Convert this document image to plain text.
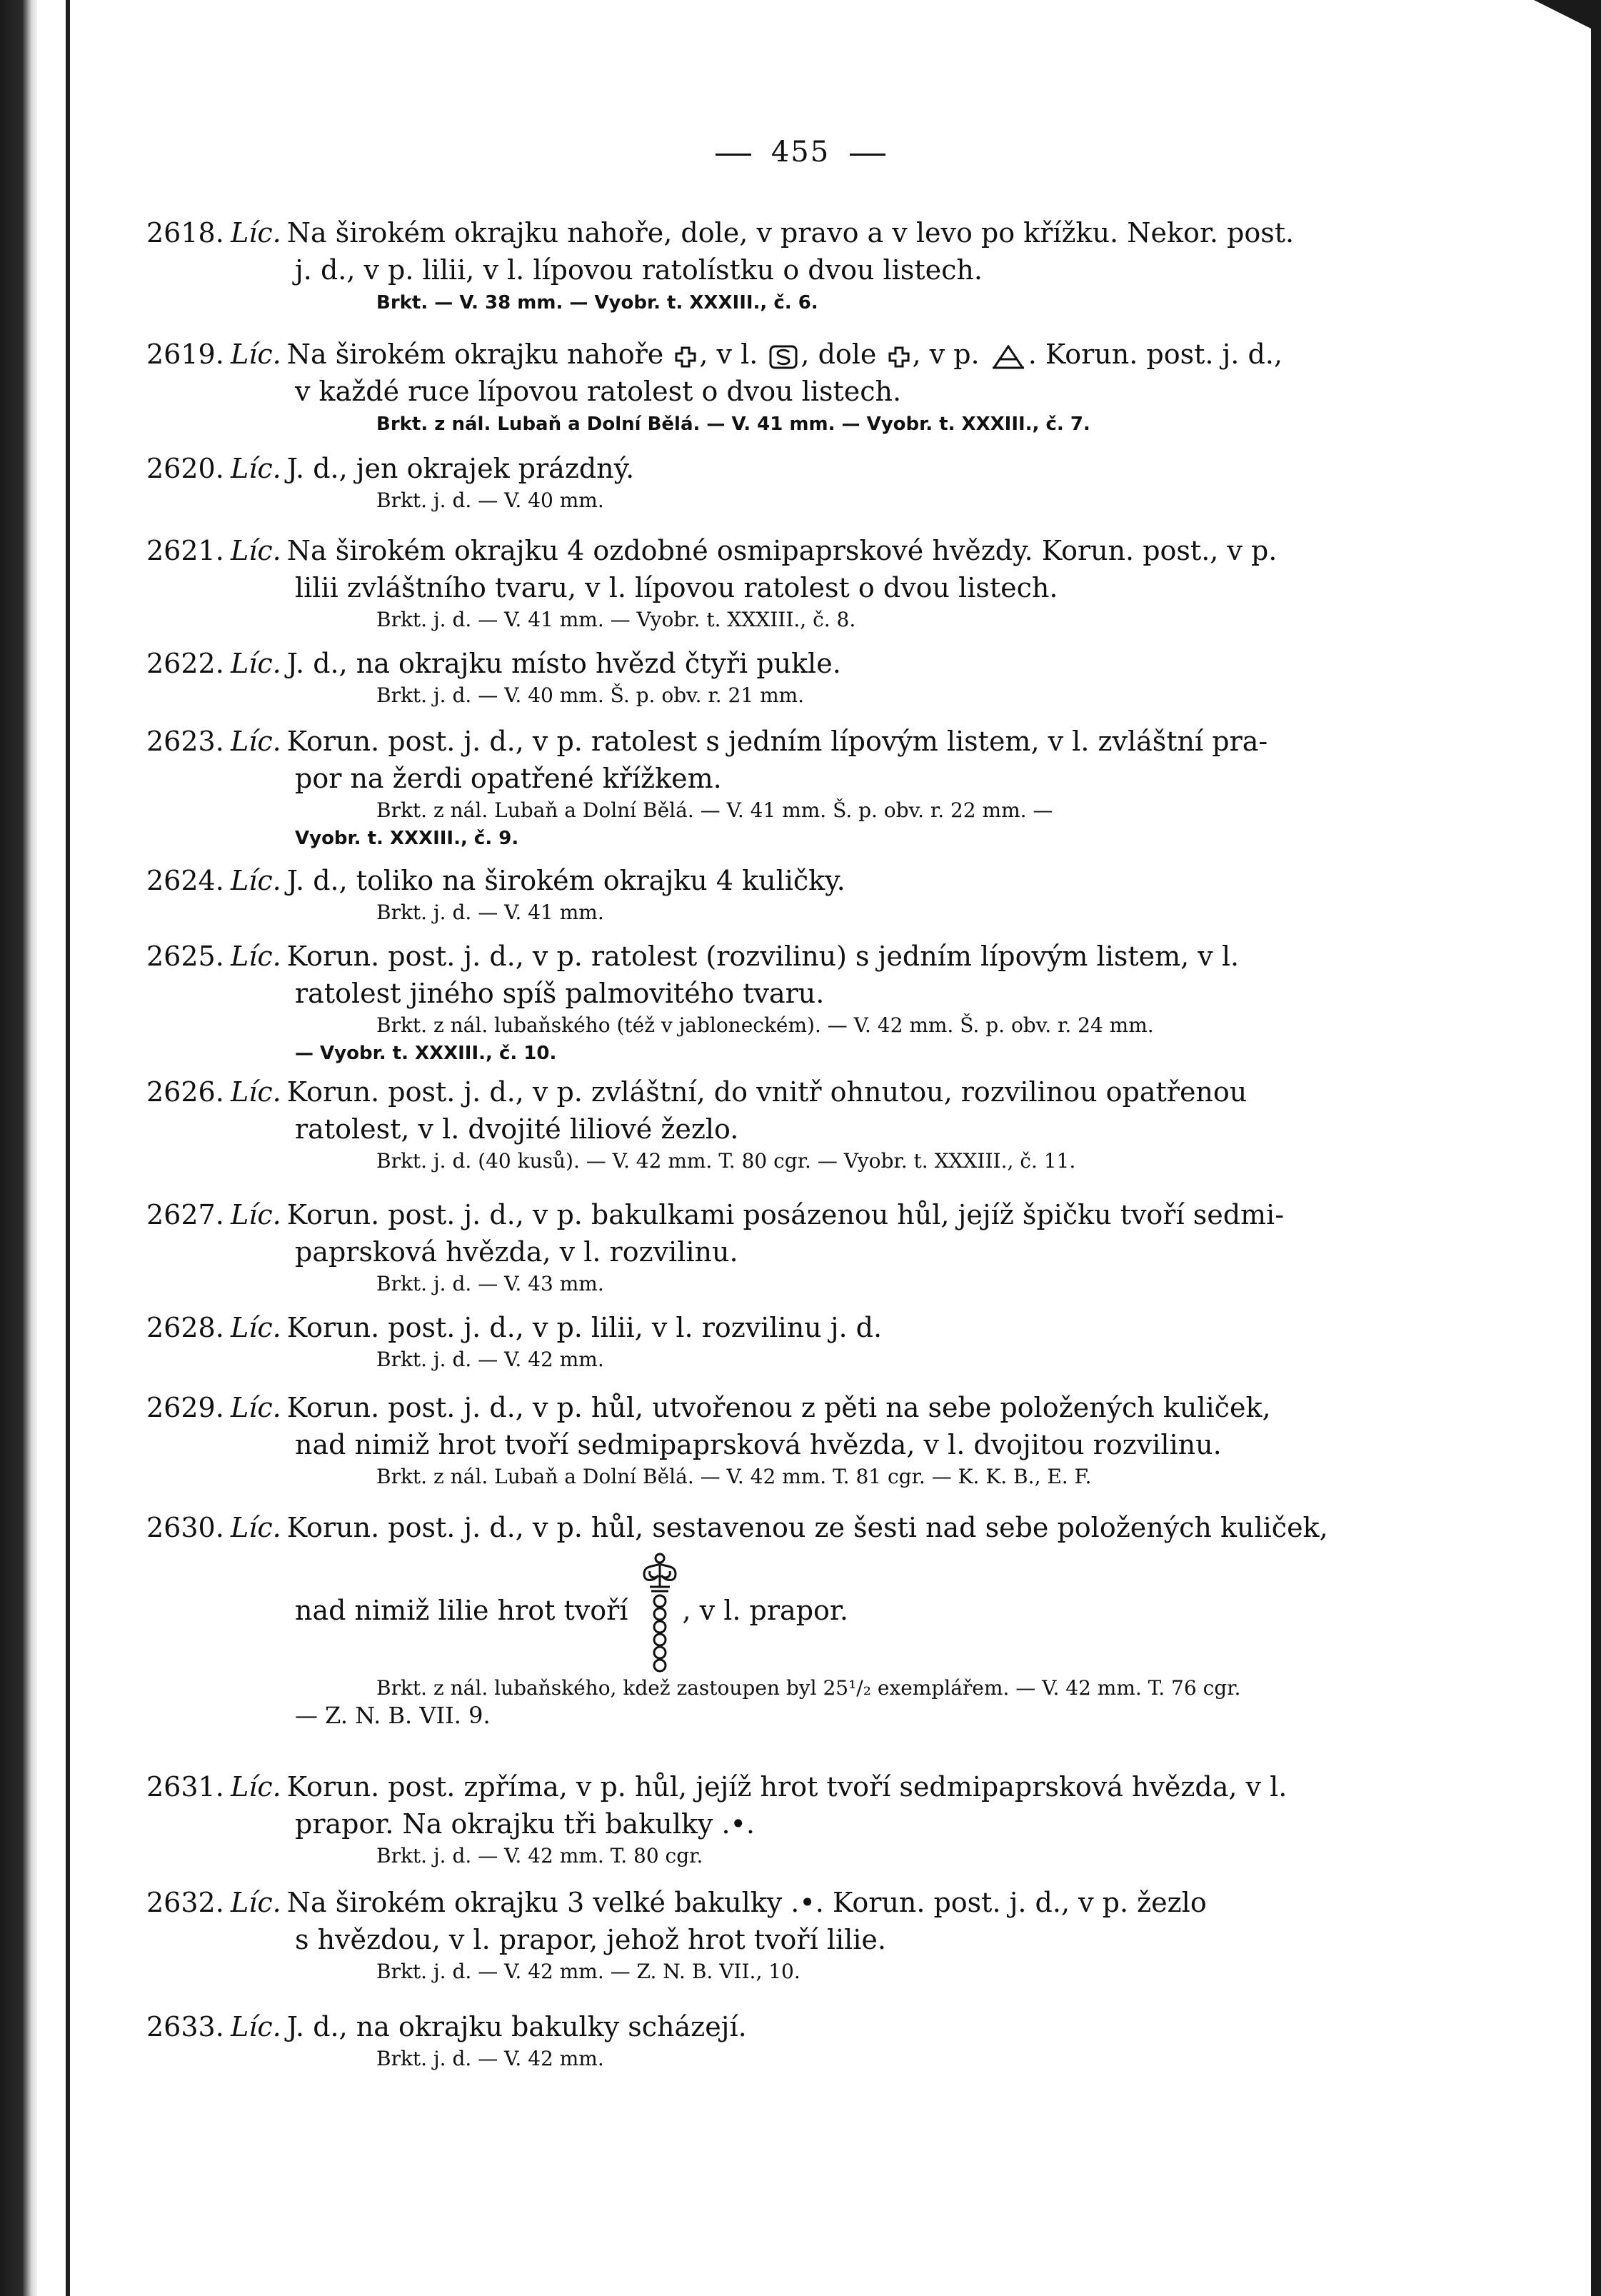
455
2618. Líc. Na širokém okrajku nahoře, dole, v pravo a v levo po křížku. Nekor. post.
j. d., v p. lilii, v l. lípovou ratolístku o dvou listech.
Brkt. — V. 38 mm. — Vyobr. t. XXXIII., č. 6.
2619. Líc. Na širokém okrajku nahoře , v l. , dole , v p. . Korun. post. j. d.,
v každé ruce lípovou ratolest o dvou listech.
Brkt. z nál. Lubaň a Dolní Bělá. — V. 41 mm. — Vyobr. t. XXXIII., č. 7.
2620. Líc. J. d., jen okrajek prázdný.
Brkt. j. d. — V. 40 mm.
2621. Líc. Na širokém okrajku 4 ozdobné osmipaprskové hvězdy. Korun. post., v p.
lilii zvláštního tvaru, v l. lípovou ratolest o dvou listech.
Brkt. j. d. — V. 41 mm. — Vyobr. t. XXXIII., č. 8.
2622. Líc. J. d., na okrajku místo hvězd čtyři pukle.
Brkt. j. d. — V. 40 mm. Š. p. obv. r. 21 mm.
2623. Líc. Korun. post. j. d., v p. ratolest s jedním lípovým listem, v l. zvláštní pra-
por na žerdi opatřené křížkem.
Brkt. z nál. Lubaň a Dolní Bělá. — V. 41 mm. Š. p. obv. r. 22 mm. —
Vyobr. t. XXXIII., č. 9.
2624. Líc. J. d., toliko na širokém okrajku 4 kuličky.
Brkt. j. d. — V. 41 mm.
2625. Líc. Korun. post. j. d., v p. ratolest (rozvilinu) s jedním lípovým listem, v l.
ratolest jiného spíš palmovitého tvaru.
Brkt. z nál. lubaňského (též v jabloneckém). — V. 42 mm. Š. p. obv. r. 24 mm.
— Vyobr. t. XXXIII., č. 10.
2626. Líc. Korun. post. j. d., v p. zvláštní, do vnitř ohnutou, rozvilinou opatřenou
ratolest, v l. dvojité liliové žezlo.
Brkt. j. d. (40 kusů). — V. 42 mm. T. 80 cgr. — Vyobr. t. XXXIII., č. 11.
2627. Líc. Korun. post. j. d., v p. bakulkami posázenou hůl, jejíž špičku tvoří sedmi-
paprsková hvězda, v l. rozvilinu.
Brkt. j. d. — V. 43 mm.
2628. Líc. Korun. post. j. d., v p. lilii, v l. rozvilinu j. d.
Brkt. j. d. — V. 42 mm.
2629. Líc. Korun. post. j. d., v p. hůl, utvořenou z pěti na sebe položených kuliček,
nad nimiž hrot tvoří sedmipaprsková hvězda, v l. dvojitou rozvilinu.
Brkt. z nál. Lubaň a Dolní Bělá. — V. 42 mm. T. 81 cgr. — K. K. B., E. F.
2630. Líc. Korun. post. j. d., v p. hůl, sestavenou ze šesti nad sebe položených kuliček,
nad nimiž lilie hrot tvoří , v l. prapor.
Brkt. z nál. lubaňského, kdež zastoupen byl 25¹/₂ exemplářem. — V. 42 mm. T. 76 cgr.
— Z. N. B. VII. 9.
2631. Líc. Korun. post. zpříma, v p. hůl, jejíž hrot tvoří sedmipaprsková hvězda, v l.
prapor. Na okrajku tři bakulky .•.
Brkt. j. d. — V. 42 mm. T. 80 cgr.
2632. Líc. Na širokém okrajku 3 velké bakulky .•. Korun. post. j. d., v p. žezlo
s hvězdou, v l. prapor, jehož hrot tvoří lilie.
Brkt. j. d. — V. 42 mm. — Z. N. B. VII., 10.
2633. Líc. J. d., na okrajku bakulky scházejí.
Brkt. j. d. — V. 42 mm.
